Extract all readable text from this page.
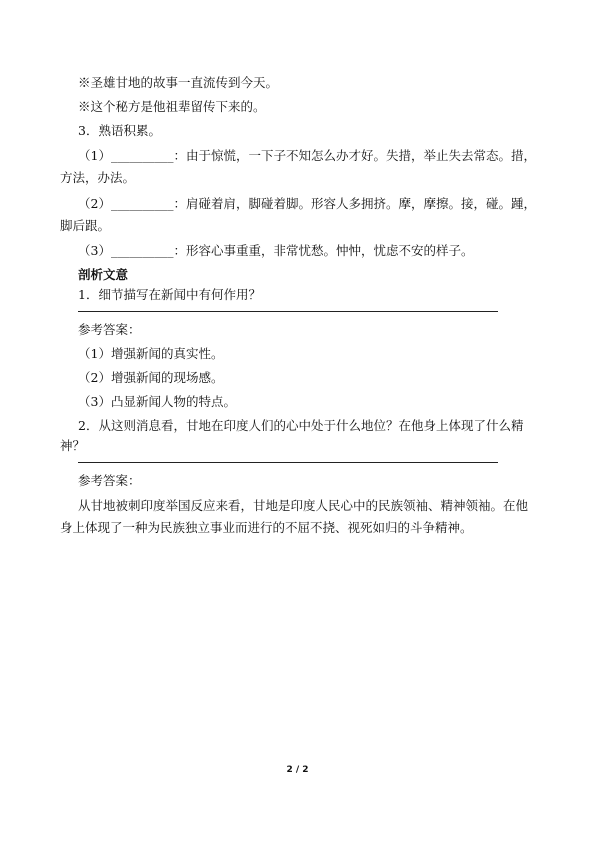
※圣雄甘地的故事一直流传到今天。

※这个秘方是他祖辈留传下来的。

3．熟语积累。

（1）__________：由于惊慌，一下子不知怎么办才好。失措，举止失去常态。措，方法，办法。

（2）__________：肩碰着肩，脚碰着脚。形容人多拥挤。摩，摩擦。接，碰。踵，脚后跟。

（3）__________：形容心事重重，非常忧愁。忡忡，忧虑不安的样子。

剖析文意

1．细节描写在新闻中有何作用？

参考答案：

（1）增强新闻的真实性。

（2）增强新闻的现场感。

（3）凸显新闻人物的特点。

2．从这则消息看，甘地在印度人们的心中处于什么地位？在他身上体现了什么精神？

参考答案：

从甘地被刺印度举国反应来看，甘地是印度人民心中的民族领袖、精神领袖。在他身上体现了一种为民族独立事业而进行的不屈不挠、视死如归的斗争精神。

2 / 2
